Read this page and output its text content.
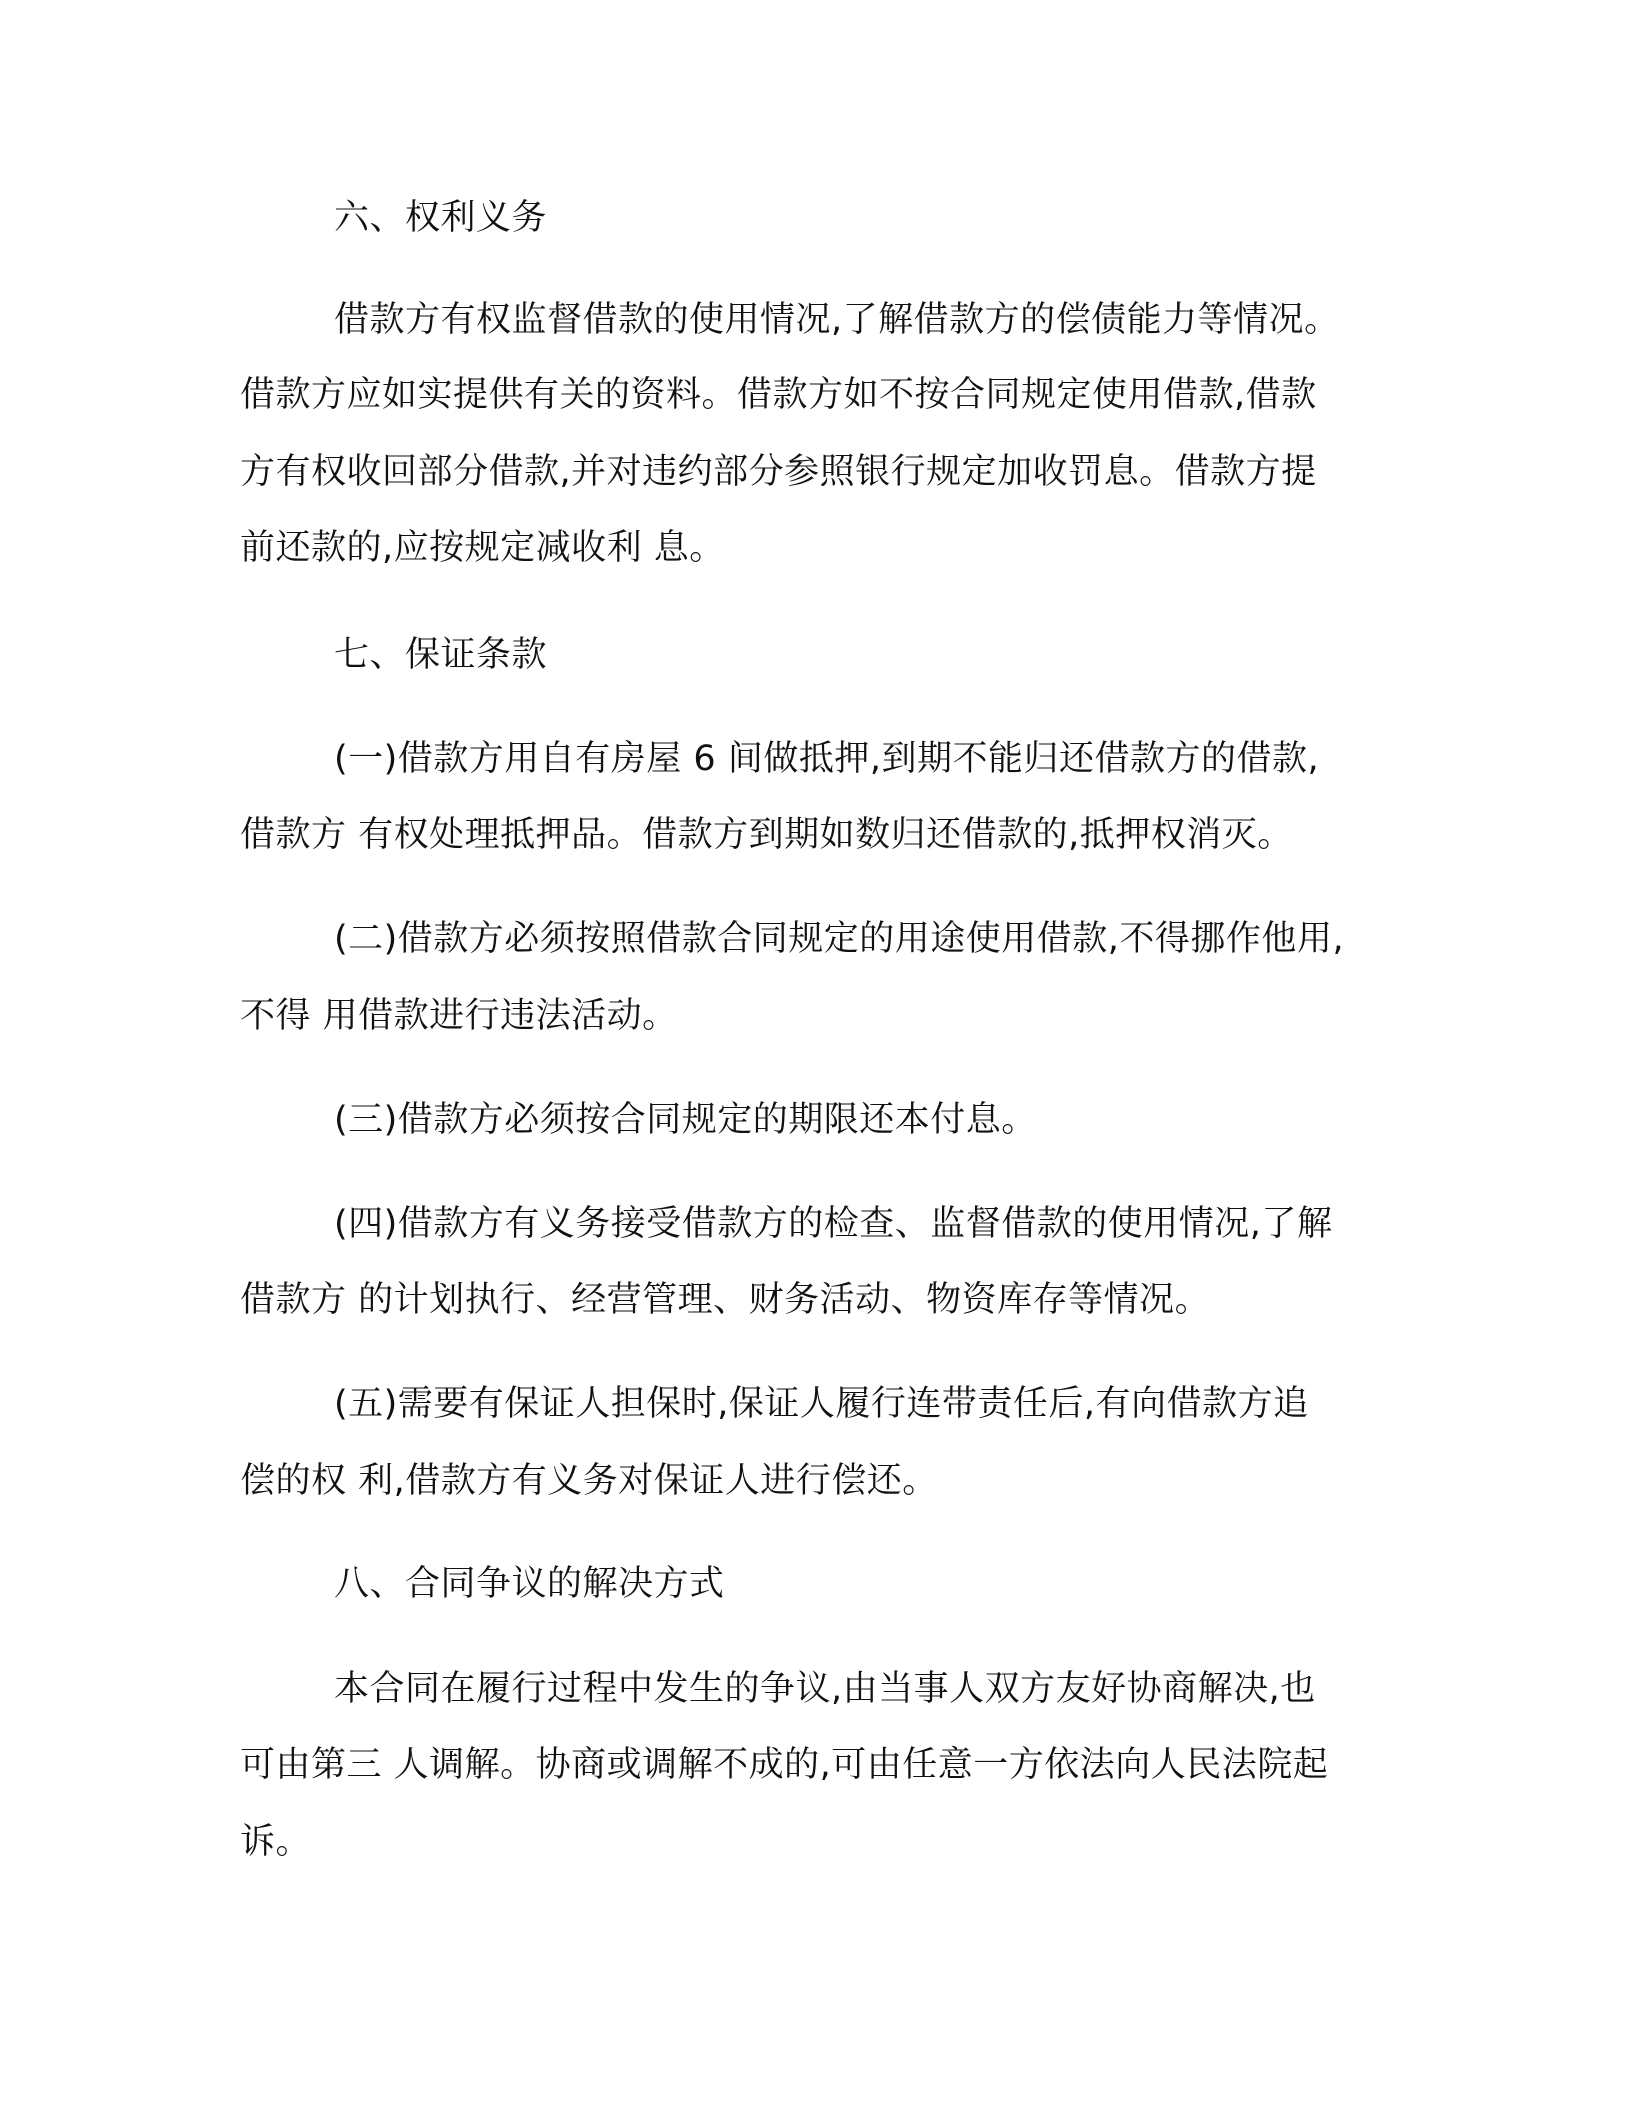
六、权利义务
借款方有权监督借款的使用情况,了解借款方的偿债能力等情况。
借款方应如实提供有关的资料。借款方如不按合同规定使用借款,借款
方有权收回部分借款,并对违约部分参照银行规定加收罚息。借款方提
前还款的,应按规定减收利 息。
七、保证条款
(一)借款方用自有房屋 6 间做抵押,到期不能归还借款方的借款,
借款方 有权处理抵押品。借款方到期如数归还借款的,抵押权消灭。
(二)借款方必须按照借款合同规定的用途使用借款,不得挪作他用,
不得 用借款进行违法活动。
(三)借款方必须按合同规定的期限还本付息。
(四)借款方有义务接受借款方的检查、监督借款的使用情况,了解
借款方 的计划执行、经营管理、财务活动、物资库存等情况。
(五)需要有保证人担保时,保证人履行连带责任后,有向借款方追
偿的权 利,借款方有义务对保证人进行偿还。
八、合同争议的解决方式
本合同在履行过程中发生的争议,由当事人双方友好协商解决,也
可由第三 人调解。协商或调解不成的,可由任意一方依法向人民法院起
诉。
